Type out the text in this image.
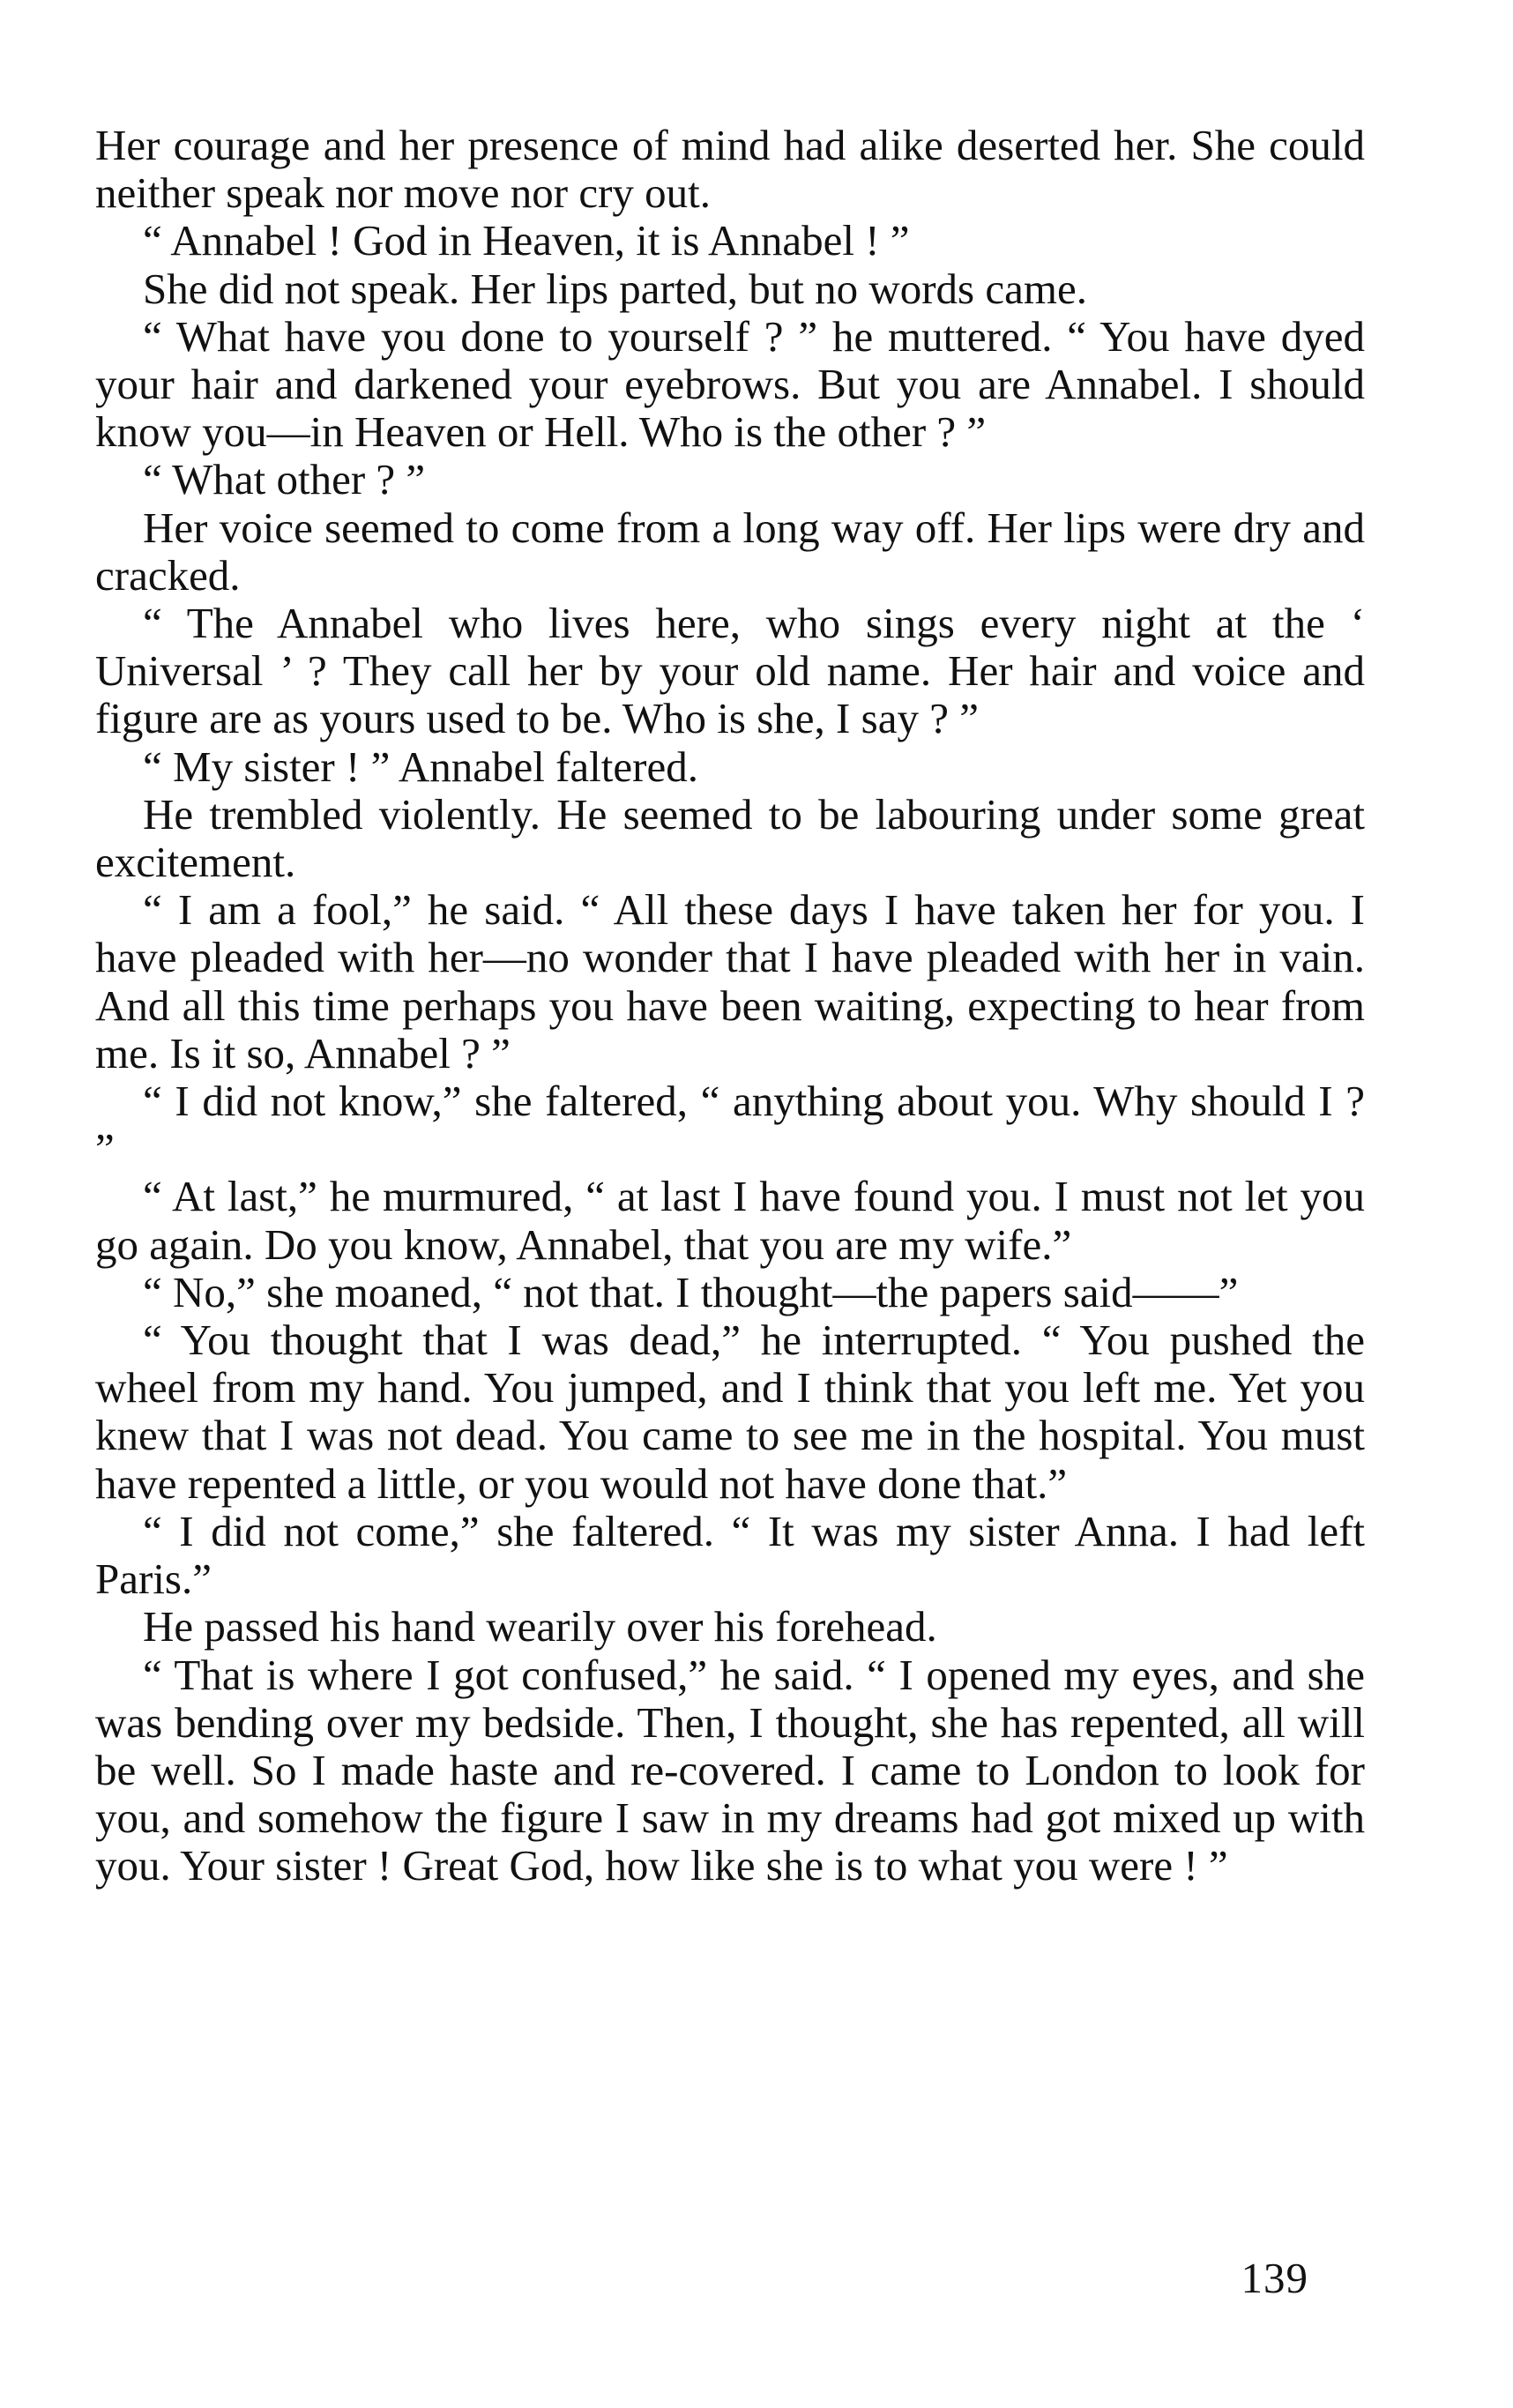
Her courage and her presence of mind had alike deserted her. She could neither speak nor move nor cry out.

“ Annabel ! God in Heaven, it is Annabel ! ”

She did not speak. Her lips parted, but no words came.

“ What have you done to yourself ? ” he muttered. “ You have dyed your hair and darkened your eyebrows. But you are Annabel. I should know you—in Heaven or Hell. Who is the other ? ”

“ What other ? ”

Her voice seemed to come from a long way off. Her lips were dry and cracked.

“ The Annabel who lives here, who sings every night at the ‘ Universal ’ ? They call her by your old name. Her hair and voice and figure are as yours used to be. Who is she, I say ? ”

“ My sister ! ” Annabel faltered.

He trembled violently. He seemed to be labouring under some great excitement.

“ I am a fool,” he said. “ All these days I have taken her for you. I have pleaded with her—no wonder that I have pleaded with her in vain. And all this time perhaps you have been waiting, expecting to hear from me. Is it so, Annabel ? ”

“ I did not know,” she faltered, “ anything about you. Why should I ? ”

“ At last,” he murmured, “ at last I have found you. I must not let you go again. Do you know, Annabel, that you are my wife.”

“ No,” she moaned, “ not that. I thought—the papers said——”

“ You thought that I was dead,” he interrupted. “ You pushed the wheel from my hand. You jumped, and I think that you left me. Yet you knew that I was not dead. You came to see me in the hospital. You must have repented a little, or you would not have done that.”

“ I did not come,” she faltered. “ It was my sister Anna. I had left Paris.”

He passed his hand wearily over his forehead.

“ That is where I got confused,” he said. “ I opened my eyes, and she was bending over my bedside. Then, I thought, she has repented, all will be well. So I made haste and re-covered. I came to London to look for you, and somehow the figure I saw in my dreams had got mixed up with you. Your sister ! Great God, how like she is to what you were ! ”

139
